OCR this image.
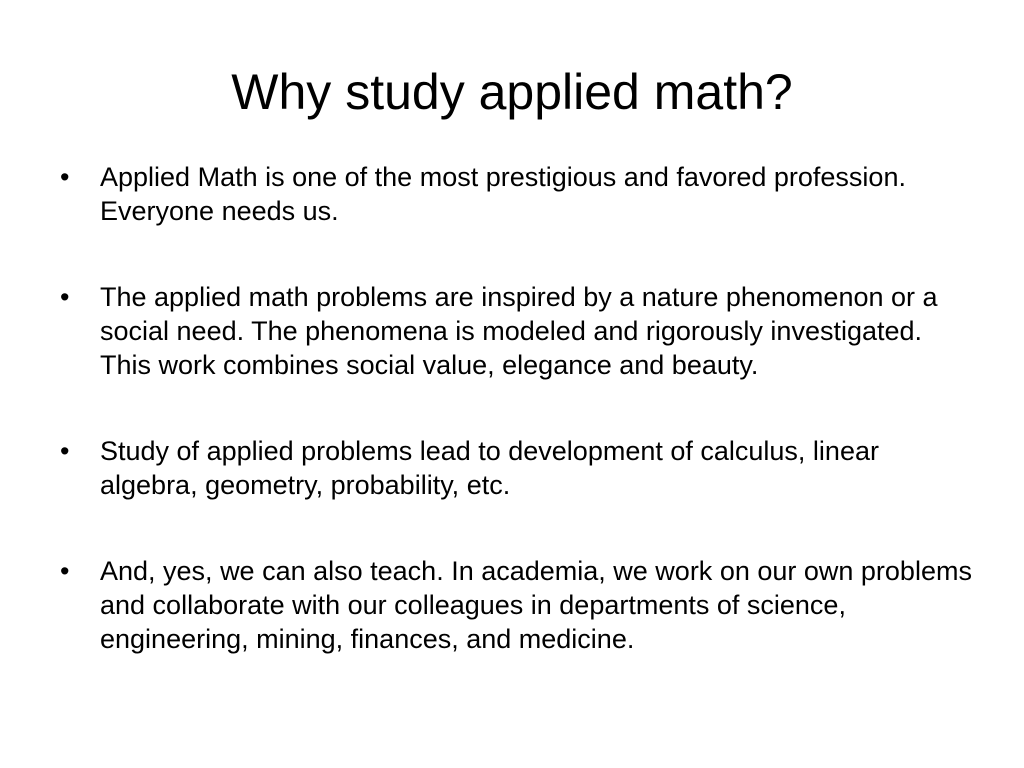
Why study applied math?
•	Applied Math is one of the most prestigious and favored profession. Everyone needs us.
•	The applied math problems are inspired by a nature phenomenon or a social need. The phenomena is modeled and rigorously investigated. This work combines social value, elegance and beauty.
•	Study of applied problems lead to development of calculus, linear algebra, geometry, probability, etc.
•	And, yes, we can also teach. In academia, we work on our own problems and collaborate with our colleagues in departments of science, engineering, mining, finances, and medicine.
